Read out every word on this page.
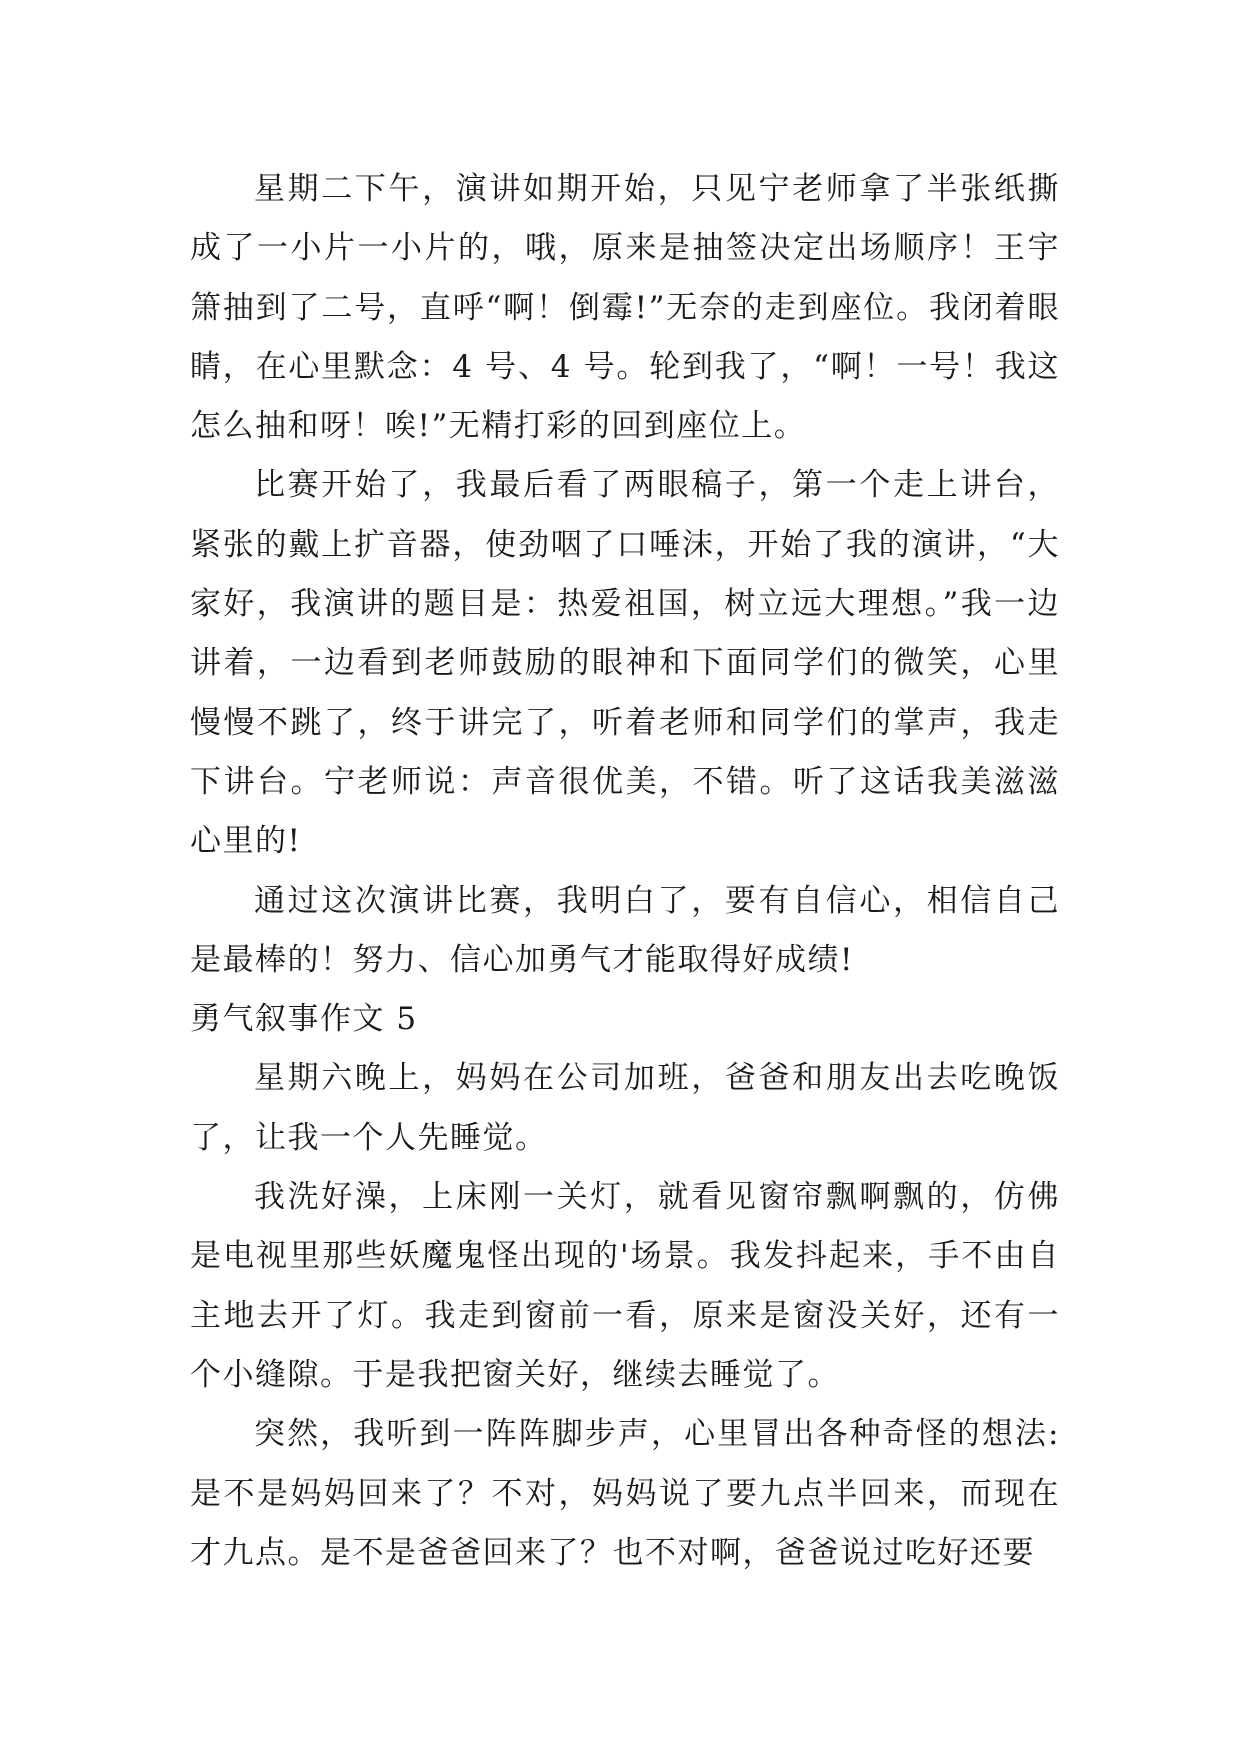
星期二下午，演讲如期开始，只见宁老师拿了半张纸撕成了一小片一小片的，哦，原来是抽签决定出场顺序！王宇箫抽到了二号，直呼“啊！倒霉!”无奈的走到座位。我闭着眼睛，在心里默念：4 号、4 号。轮到我了，“啊！一号！我这怎么抽和呀！唉!”无精打彩的回到座位上。

比赛开始了，我最后看了两眼稿子，第一个走上讲台，紧张的戴上扩音器，使劲咽了口唾沫，开始了我的演讲，“大家好，我演讲的题目是：热爱祖国，树立远大理想。”我一边讲着，一边看到老师鼓励的眼神和下面同学们的微笑，心里慢慢不跳了，终于讲完了，听着老师和同学们的掌声，我走下讲台。宁老师说：声音很优美，不错。听了这话我美滋滋心里的!

通过这次演讲比赛，我明白了，要有自信心，相信自己是最棒的！努力、信心加勇气才能取得好成绩!

勇气叙事作文 5

星期六晚上，妈妈在公司加班，爸爸和朋友出去吃晚饭了，让我一个人先睡觉。

我洗好澡，上床刚一关灯，就看见窗帘飘啊飘的，仿佛是电视里那些妖魔鬼怪出现的'场景。我发抖起来，手不由自主地去开了灯。我走到窗前一看，原来是窗没关好，还有一个小缝隙。于是我把窗关好，继续去睡觉了。

突然，我听到一阵阵脚步声，心里冒出各种奇怪的想法:是不是妈妈回来了？不对，妈妈说了要九点半回来，而现在才九点。是不是爸爸回来了？也不对啊，爸爸说过吃好还要
